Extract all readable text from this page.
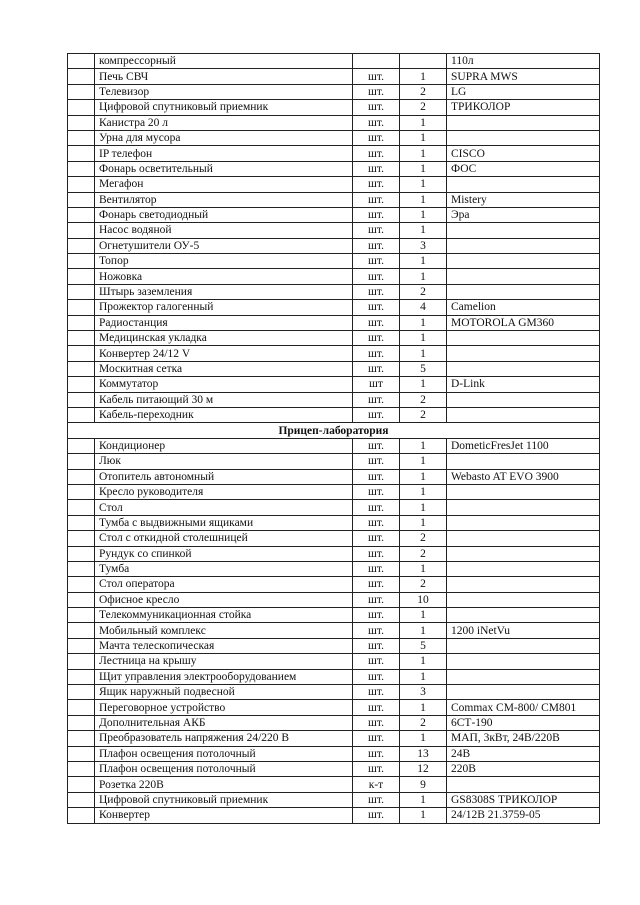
	компрессорный			110л
	Печь СВЧ	шт.	1	SUPRA MWS
	Телевизор	шт.	2	LG
	Цифровой спутниковый приемник	шт.	2	ТРИКОЛОР
	Канистра 20 л	шт.	1	
	Урна для мусора	шт.	1	
	IP телефон	шт.	1	CISCO
	Фонарь осветительный	шт.	1	ФОС
	Мегафон	шт.	1	
	Вентилятор	шт.	1	Mistery
	Фонарь светодиодный	шт.	1	Эра
	Насос водяной	шт.	1	
	Огнетушители ОУ-5	шт.	3	
	Топор	шт.	1	
	Ножовка	шт.	1	
	Штырь заземления	шт.	2	
	Прожектор галогенный	шт.	4	Camelion
	Радиостанция	шт.	1	MOTOROLA GM360
	Медицинская укладка	шт.	1	
	Конвертер 24/12 V	шт.	1	
	Москитная сетка	шт.	5	
	Коммутатор	шт	1	D-Link
	Кабель питающий 30 м	шт.	2	
	Кабель-переходник	шт.	2	
Прицеп-лаборатория				
	Кондиционер	шт.	1	DometicFresJet 1100
	Люк	шт.	1	
	Отопитель автономный	шт.	1	Webasto AT EVO 3900
	Кресло руководителя	шт.	1	
	Стол	шт.	1	
	Тумба с выдвижными ящиками	шт.	1	
	Стол с откидной столешницей	шт.	2	
	Рундук со спинкой	шт.	2	
	Тумба	шт.	1	
	Стол оператора	шт.	2	
	Офисное кресло	шт.	10	
	Телекоммуникационная стойка	шт.	1	
	Мобильный комплекс	шт.	1	1200 iNetVu
	Мачта телескопическая	шт.	5	
	Лестница на крышу	шт.	1	
	Щит управления электрооборудованием	шт.	1	
	Ящик наружный подвесной	шт.	3	
	Переговорное устройство	шт.	1	Commax CM-800/ CM801
	Дополнительная АКБ	шт.	2	6СТ-190
	Преобразователь напряжения 24/220 В	шт.	1	МАП, 3кВт, 24В/220В
	Плафон освещения потолочный	шт.	13	24В
	Плафон освещения потолочный	шт.	12	220В
	Розетка 220В	к-т	9	
	Цифровой спутниковый приемник	шт.	1	GS8308S ТРИКОЛОР
	Конвертер	шт.	1	24/12В 21.3759-05
